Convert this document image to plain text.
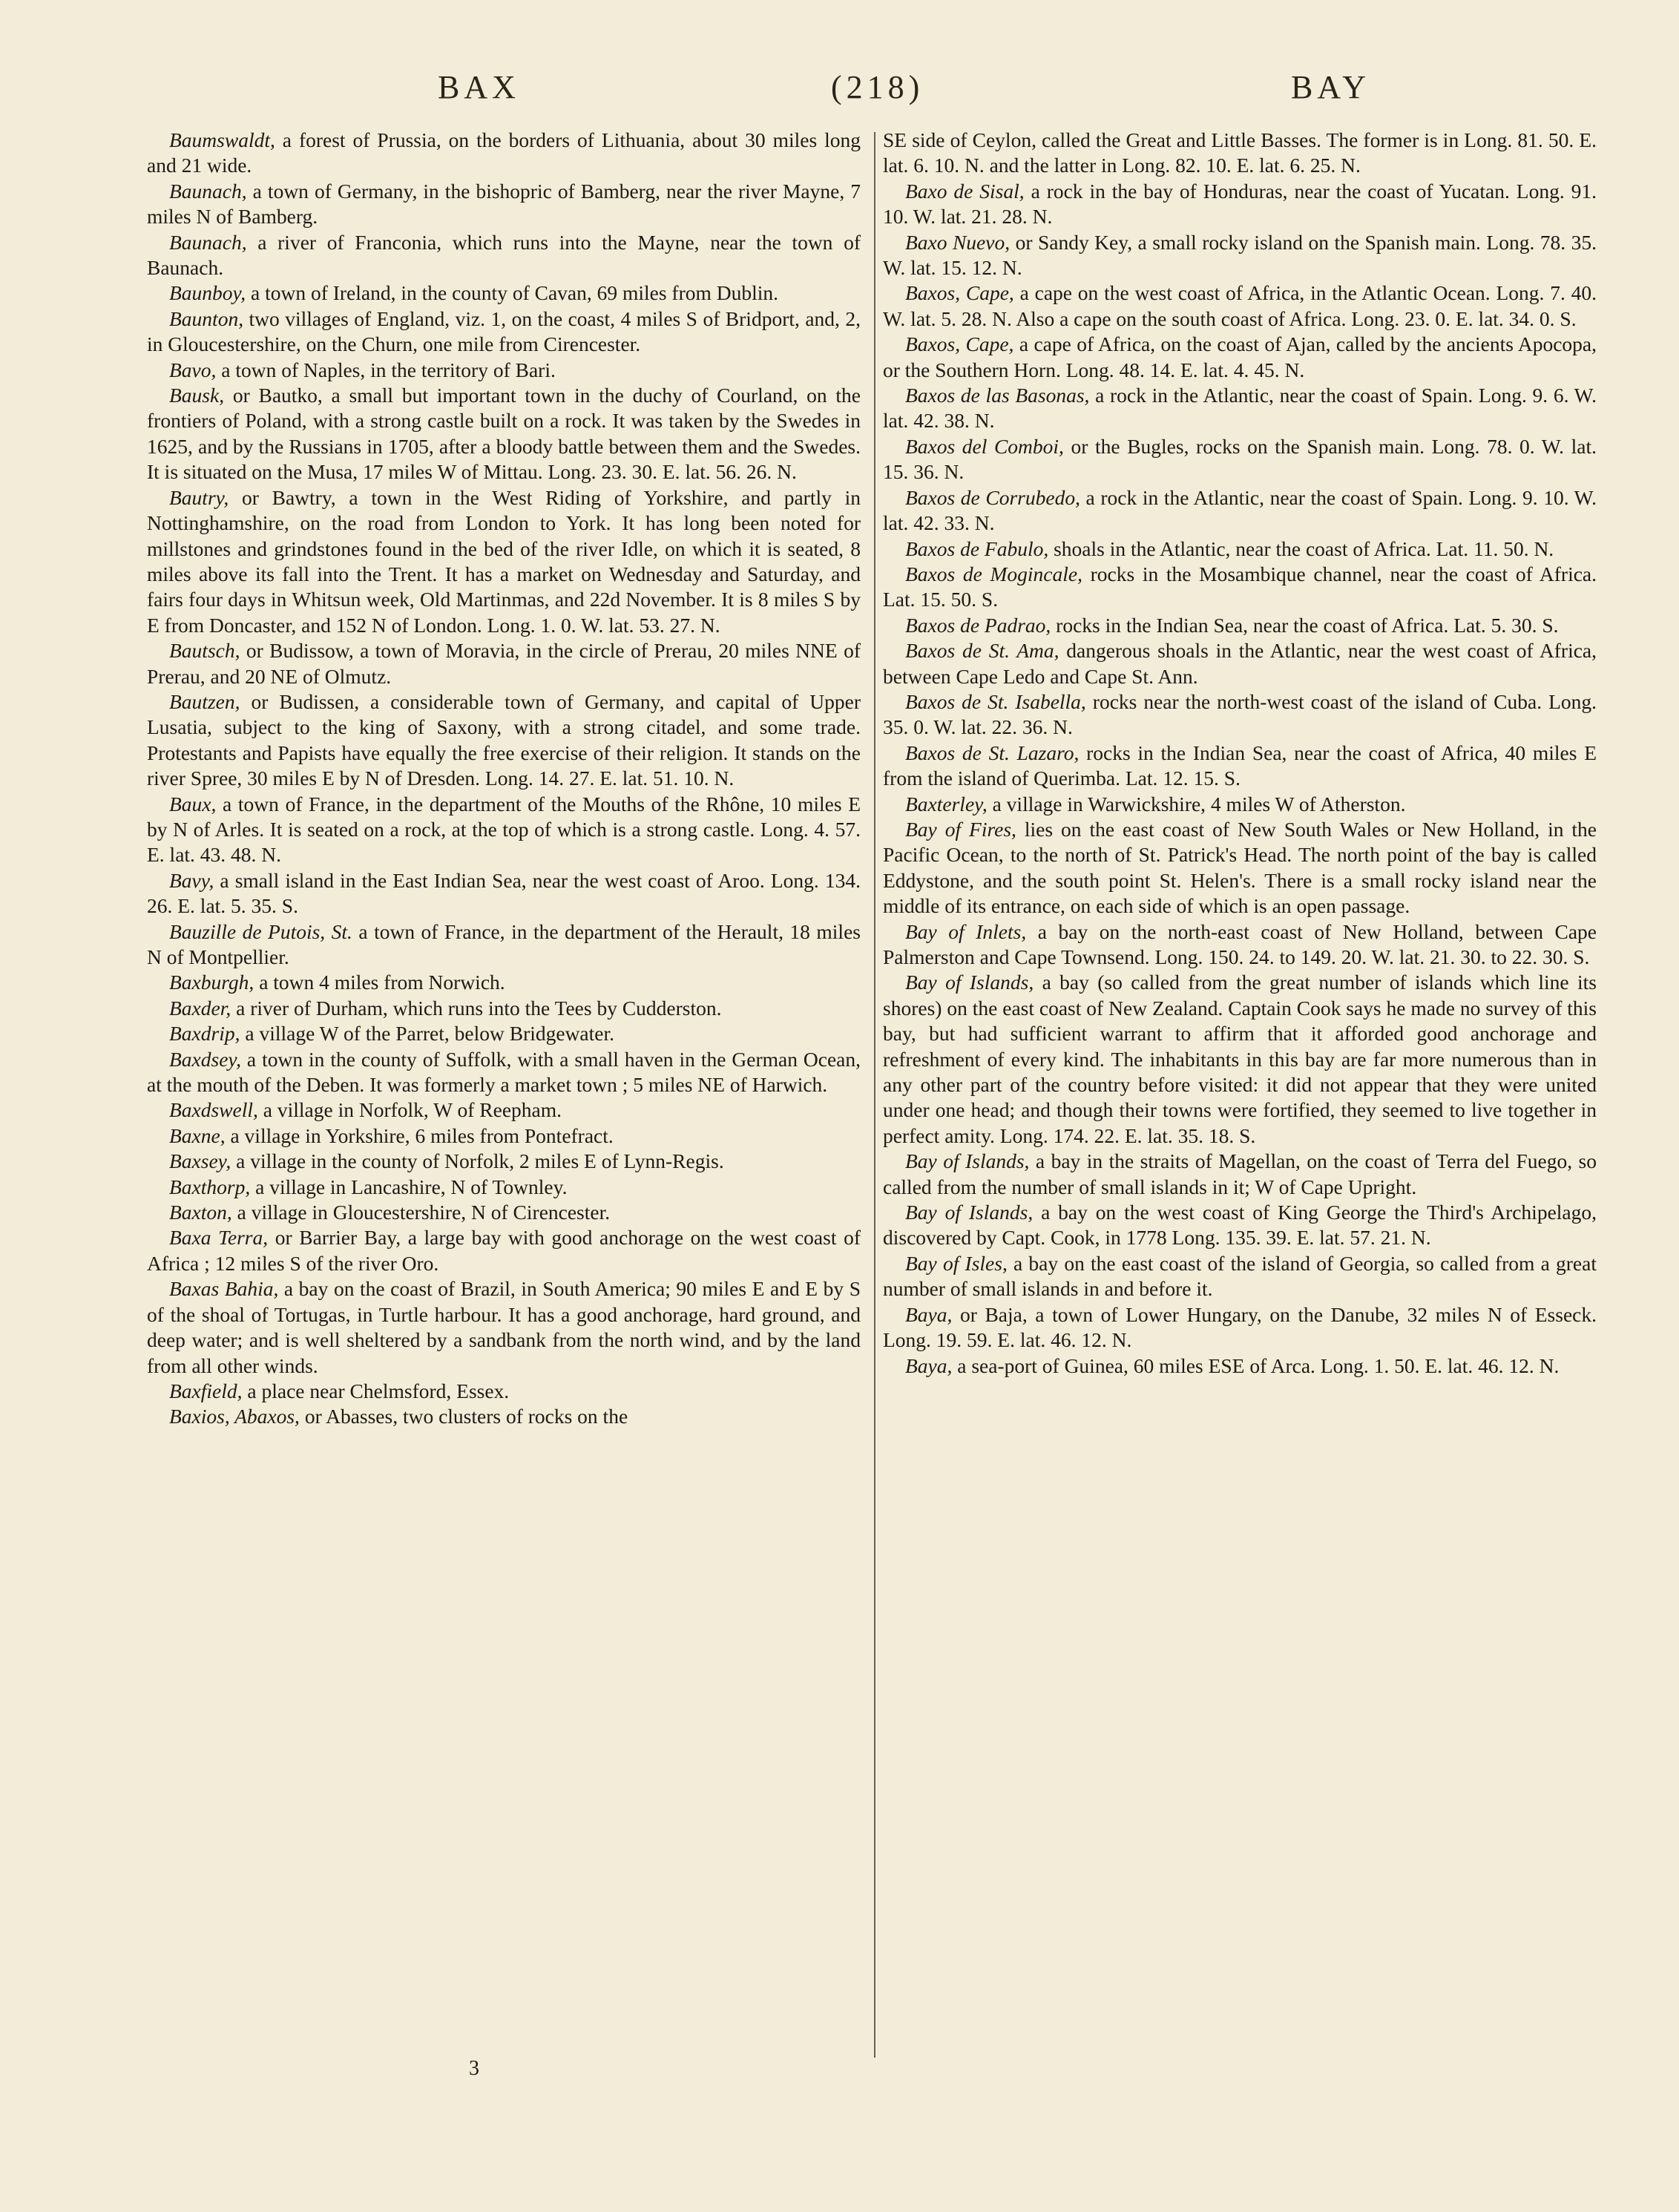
BAX	(218)	BAY

Baumswaldt, a forest of Prussia, on the borders of Lithuania, about 30 miles long and 21 wide.

Baunach, a town of Germany, in the bishopric of Bamberg, near the river Mayne, 7 miles N of Bamberg.

Baunach, a river of Franconia, which runs into the Mayne, near the town of Baunach.

Baunboy, a town of Ireland, in the county of Cavan, 69 miles from Dublin.

Baunton, two villages of England, viz. 1, on the coast, 4 miles S of Bridport, and, 2, in Gloucestershire, on the Churn, one mile from Cirencester.

Bavo, a town of Naples, in the territory of Bari.

Bausk, or Bautko, a small but important town in the duchy of Courland, on the frontiers of Poland, with a strong castle built on a rock. It was taken by the Swedes in 1625, and by the Russians in 1705, after a bloody battle between them and the Swedes. It is situated on the Musa, 17 miles W of Mittau. Long. 23. 30. E. lat. 56. 26. N.

Bautry, or Bawtry, a town in the West Riding of Yorkshire, and partly in Nottinghamshire, on the road from London to York. It has long been noted for millstones and grindstones found in the bed of the river Idle, on which it is seated, 8 miles above its fall into the Trent. It has a market on Wednesday and Saturday, and fairs four days in Whitsun week, Old Martinmas, and 22d November. It is 8 miles S by E from Doncaster, and 152 N of London. Long. 1. 0. W. lat. 53. 27. N.

Bautsch, or Budissow, a town of Moravia, in the circle of Prerau, 20 miles NNE of Prerau, and 20 NE of Olmutz.

Bautzen, or Budissen, a considerable town of Germany, and capital of Upper Lusatia, subject to the king of Saxony, with a strong citadel, and some trade. Protestants and Papists have equally the free exercise of their religion. It stands on the river Spree, 30 miles E by N of Dresden. Long. 14. 27. E. lat. 51. 10. N.

Baux, a town of France, in the department of the Mouths of the Rhône, 10 miles E by N of Arles. It is seated on a rock, at the top of which is a strong castle. Long. 4. 57. E. lat. 43. 48. N.

Bavy, a small island in the East Indian Sea, near the west coast of Aroo. Long. 134. 26. E. lat. 5. 35. S.

Bauzille de Putois, St. a town of France, in the department of the Herault, 18 miles N of Montpellier.

Baxburgh, a town 4 miles from Norwich.

Baxder, a river of Durham, which runs into the Tees by Cudderston.

Baxdrip, a village W of the Parret, below Bridgewater.

Baxdsey, a town in the county of Suffolk, with a small haven in the German Ocean, at the mouth of the Deben. It was formerly a market town ; 5 miles NE of Harwich.

Baxdswell, a village in Norfolk, W of Reepham.

Baxne, a village in Yorkshire, 6 miles from Pontefract.

Baxsey, a village in the county of Norfolk, 2 miles E of Lynn-Regis.

Baxthorp, a village in Lancashire, N of Townley.

Baxton, a village in Gloucestershire, N of Cirencester.

Baxa Terra, or Barrier Bay, a large bay with good anchorage on the west coast of Africa ; 12 miles S of the river Oro.

Baxas Bahia, a bay on the coast of Brazil, in South America; 90 miles E and E by S of the shoal of Tortugas, in Turtle harbour. It has a good anchorage, hard ground, and deep water; and is well sheltered by a sandbank from the north wind, and by the land from all other winds.

Baxfield, a place near Chelmsford, Essex.

Baxios, Abaxos, or Abasses, two clusters of rocks on the

SE side of Ceylon, called the Great and Little Basses. The former is in Long. 81. 50. E. lat. 6. 10. N. and the latter in Long. 82. 10. E. lat. 6. 25. N.

Baxo de Sisal, a rock in the bay of Honduras, near the coast of Yucatan. Long. 91. 10. W. lat. 21. 28. N.

Baxo Nuevo, or Sandy Key, a small rocky island on the Spanish main. Long. 78. 35. W. lat. 15. 12. N.

Baxos, Cape, a cape on the west coast of Africa, in the Atlantic Ocean. Long. 7. 40. W. lat. 5. 28. N. Also a cape on the south coast of Africa. Long. 23. 0. E. lat. 34. 0. S.

Baxos, Cape, a cape of Africa, on the coast of Ajan, called by the ancients Apocopa, or the Southern Horn. Long. 48. 14. E. lat. 4. 45. N.

Baxos de las Basonas, a rock in the Atlantic, near the coast of Spain. Long. 9. 6. W. lat. 42. 38. N.

Baxos del Comboi, or the Bugles, rocks on the Spanish main. Long. 78. 0. W. lat. 15. 36. N.

Baxos de Corrubedo, a rock in the Atlantic, near the coast of Spain. Long. 9. 10. W. lat. 42. 33. N.

Baxos de Fabulo, shoals in the Atlantic, near the coast of Africa. Lat. 11. 50. N.

Baxos de Mogincale, rocks in the Mosambique channel, near the coast of Africa. Lat. 15. 50. S.

Baxos de Padrao, rocks in the Indian Sea, near the coast of Africa. Lat. 5. 30. S.

Baxos de St. Ama, dangerous shoals in the Atlantic, near the west coast of Africa, between Cape Ledo and Cape St. Ann.

Baxos de St. Isabella, rocks near the north-west coast of the island of Cuba. Long. 35. 0. W. lat. 22. 36. N.

Baxos de St. Lazaro, rocks in the Indian Sea, near the coast of Africa, 40 miles E from the island of Querimba. Lat. 12. 15. S.

Baxterley, a village in Warwickshire, 4 miles W of Atherston.

Bay of Fires, lies on the east coast of New South Wales or New Holland, in the Pacific Ocean, to the north of St. Patrick's Head. The north point of the bay is called Eddystone, and the south point St. Helen's. There is a small rocky island near the middle of its entrance, on each side of which is an open passage.

Bay of Inlets, a bay on the north-east coast of New Holland, between Cape Palmerston and Cape Townsend. Long. 150. 24. to 149. 20. W. lat. 21. 30. to 22. 30. S.

Bay of Islands, a bay (so called from the great number of islands which line its shores) on the east coast of New Zealand. Captain Cook says he made no survey of this bay, but had sufficient warrant to affirm that it afforded good anchorage and refreshment of every kind. The inhabitants in this bay are far more numerous than in any other part of the country before visited: it did not appear that they were united under one head; and though their towns were fortified, they seemed to live together in perfect amity. Long. 174. 22. E. lat. 35. 18. S.

Bay of Islands, a bay in the straits of Magellan, on the coast of Terra del Fuego, so called from the number of small islands in it; W of Cape Upright.

Bay of Islands, a bay on the west coast of King George the Third's Archipelago, discovered by Capt. Cook, in 1778 Long. 135. 39. E. lat. 57. 21. N.

Bay of Isles, a bay on the east coast of the island of Georgia, so called from a great number of small islands in and before it.

Baya, or Baja, a town of Lower Hungary, on the Danube, 32 miles N of Esseck. Long. 19. 59. E. lat. 46. 12. N.

Baya, a sea-port of Guinea, 60 miles ESE of Arca. Long. 1. 50. E. lat. 46. 12. N.

3
